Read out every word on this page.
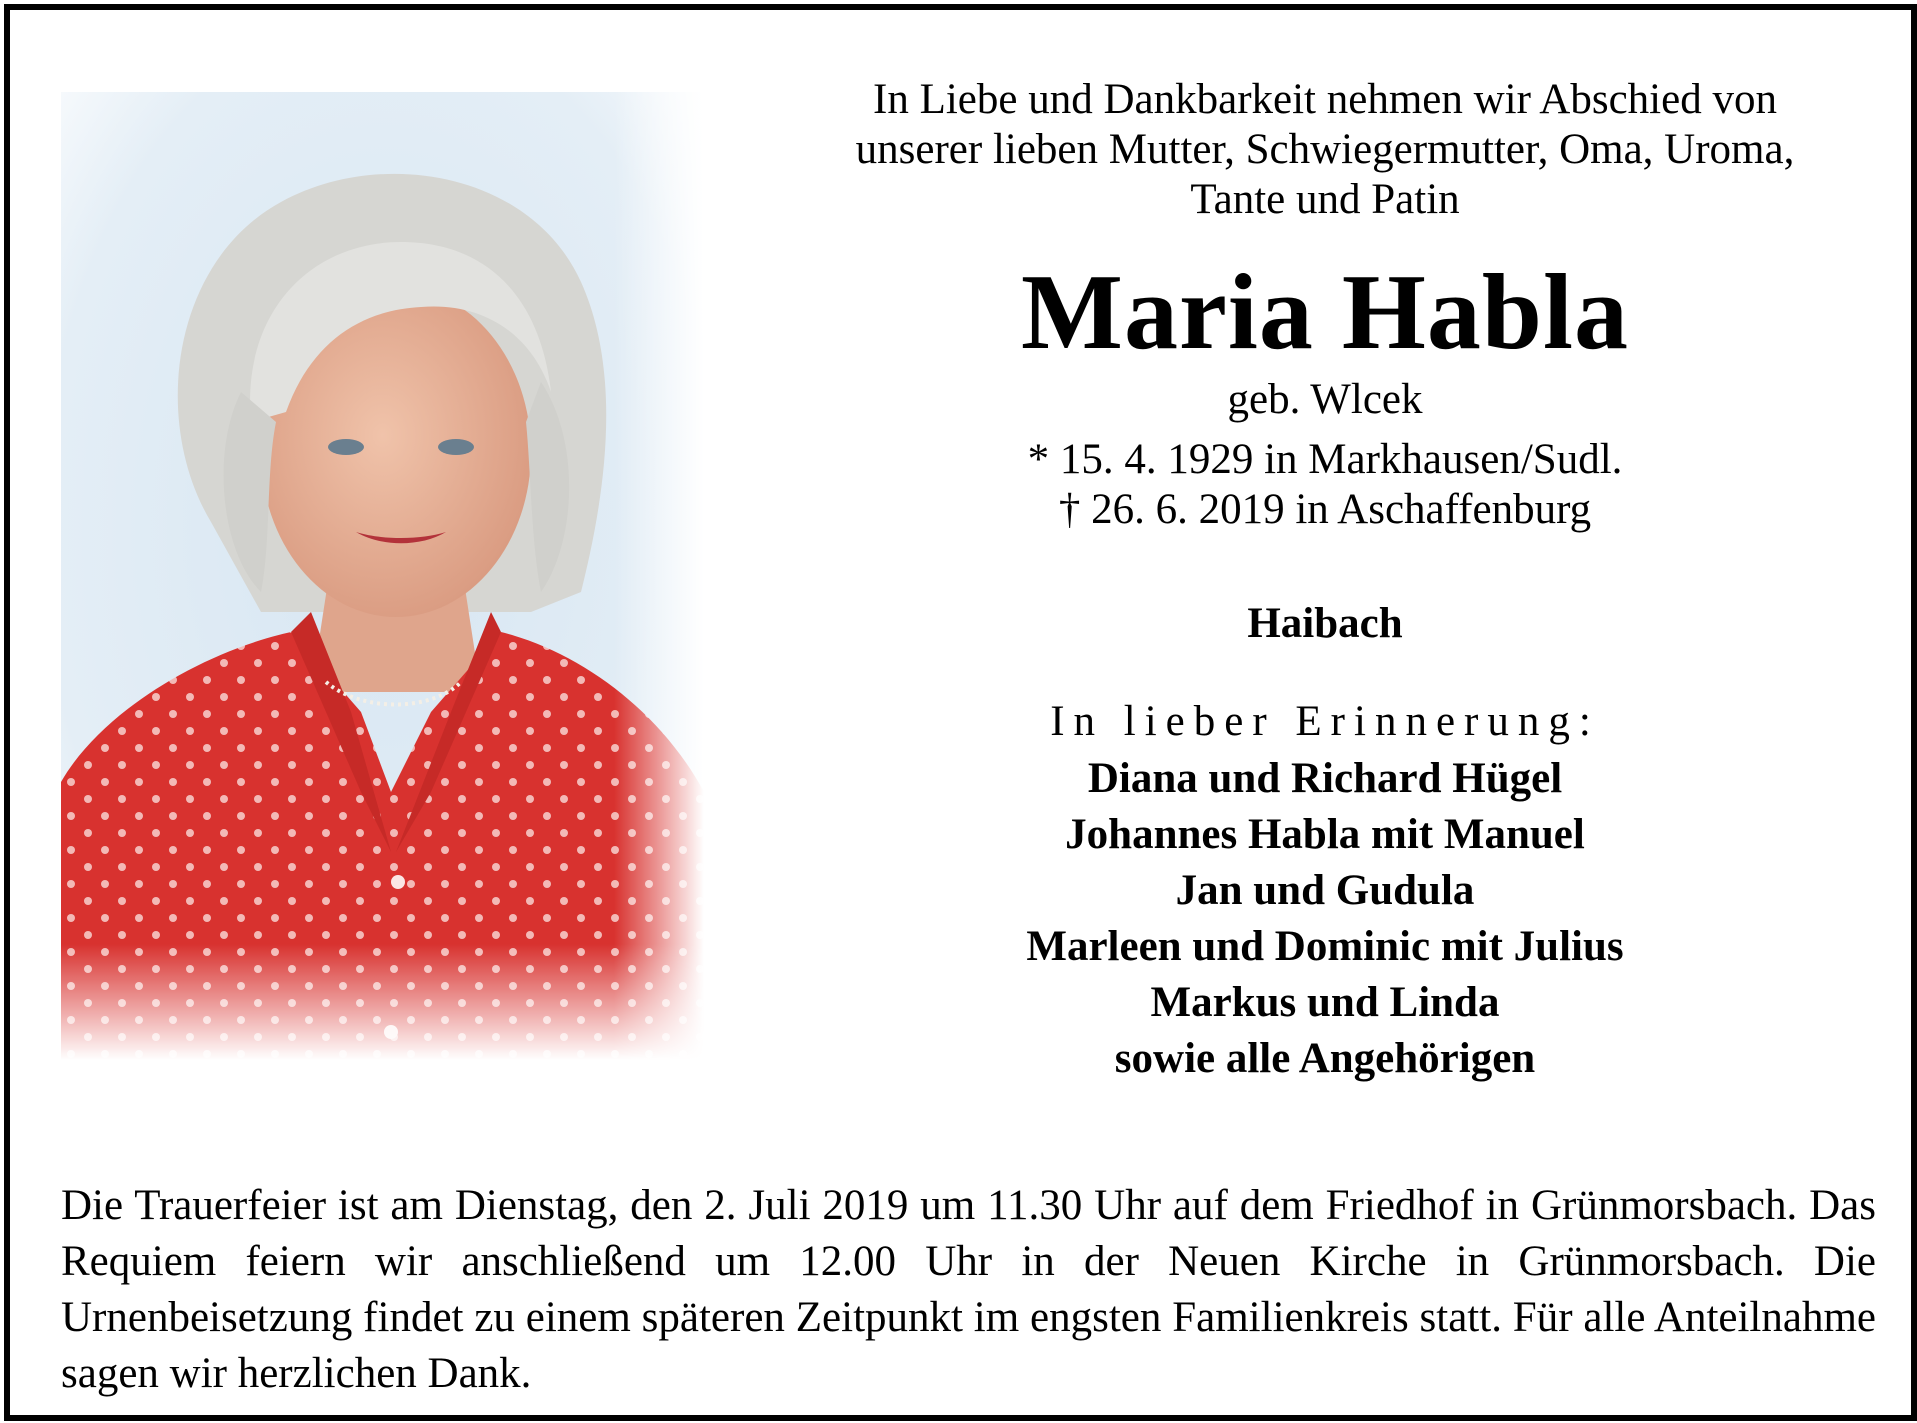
In Liebe und Dankbarkeit nehmen wir Abschied von
unserer lieben Mutter, Schwiegermutter, Oma, Uroma,
Tante und Patin

Maria Habla

geb. Wlcek

* 15. 4. 1929 in Markhausen/Sudl.
† 26. 6. 2019 in Aschaffenburg

Haibach

In lieber Erinnerung:

Diana und Richard Hügel
Johannes Habla mit Manuel
Jan und Gudula
Marleen und Dominic mit Julius
Markus und Linda
sowie alle Angehörigen

Die Trauerfeier ist am Dienstag, den 2. Juli 2019 um 11.30 Uhr auf dem Friedhof in Grünmorsbach. Das Requiem feiern wir anschließend um 12.00 Uhr in der Neuen Kirche in Grünmorsbach. Die Urnenbeisetzung findet zu einem späteren Zeitpunkt im engsten Familienkreis statt. Für alle Anteilnahme sagen wir herzlichen Dank.
